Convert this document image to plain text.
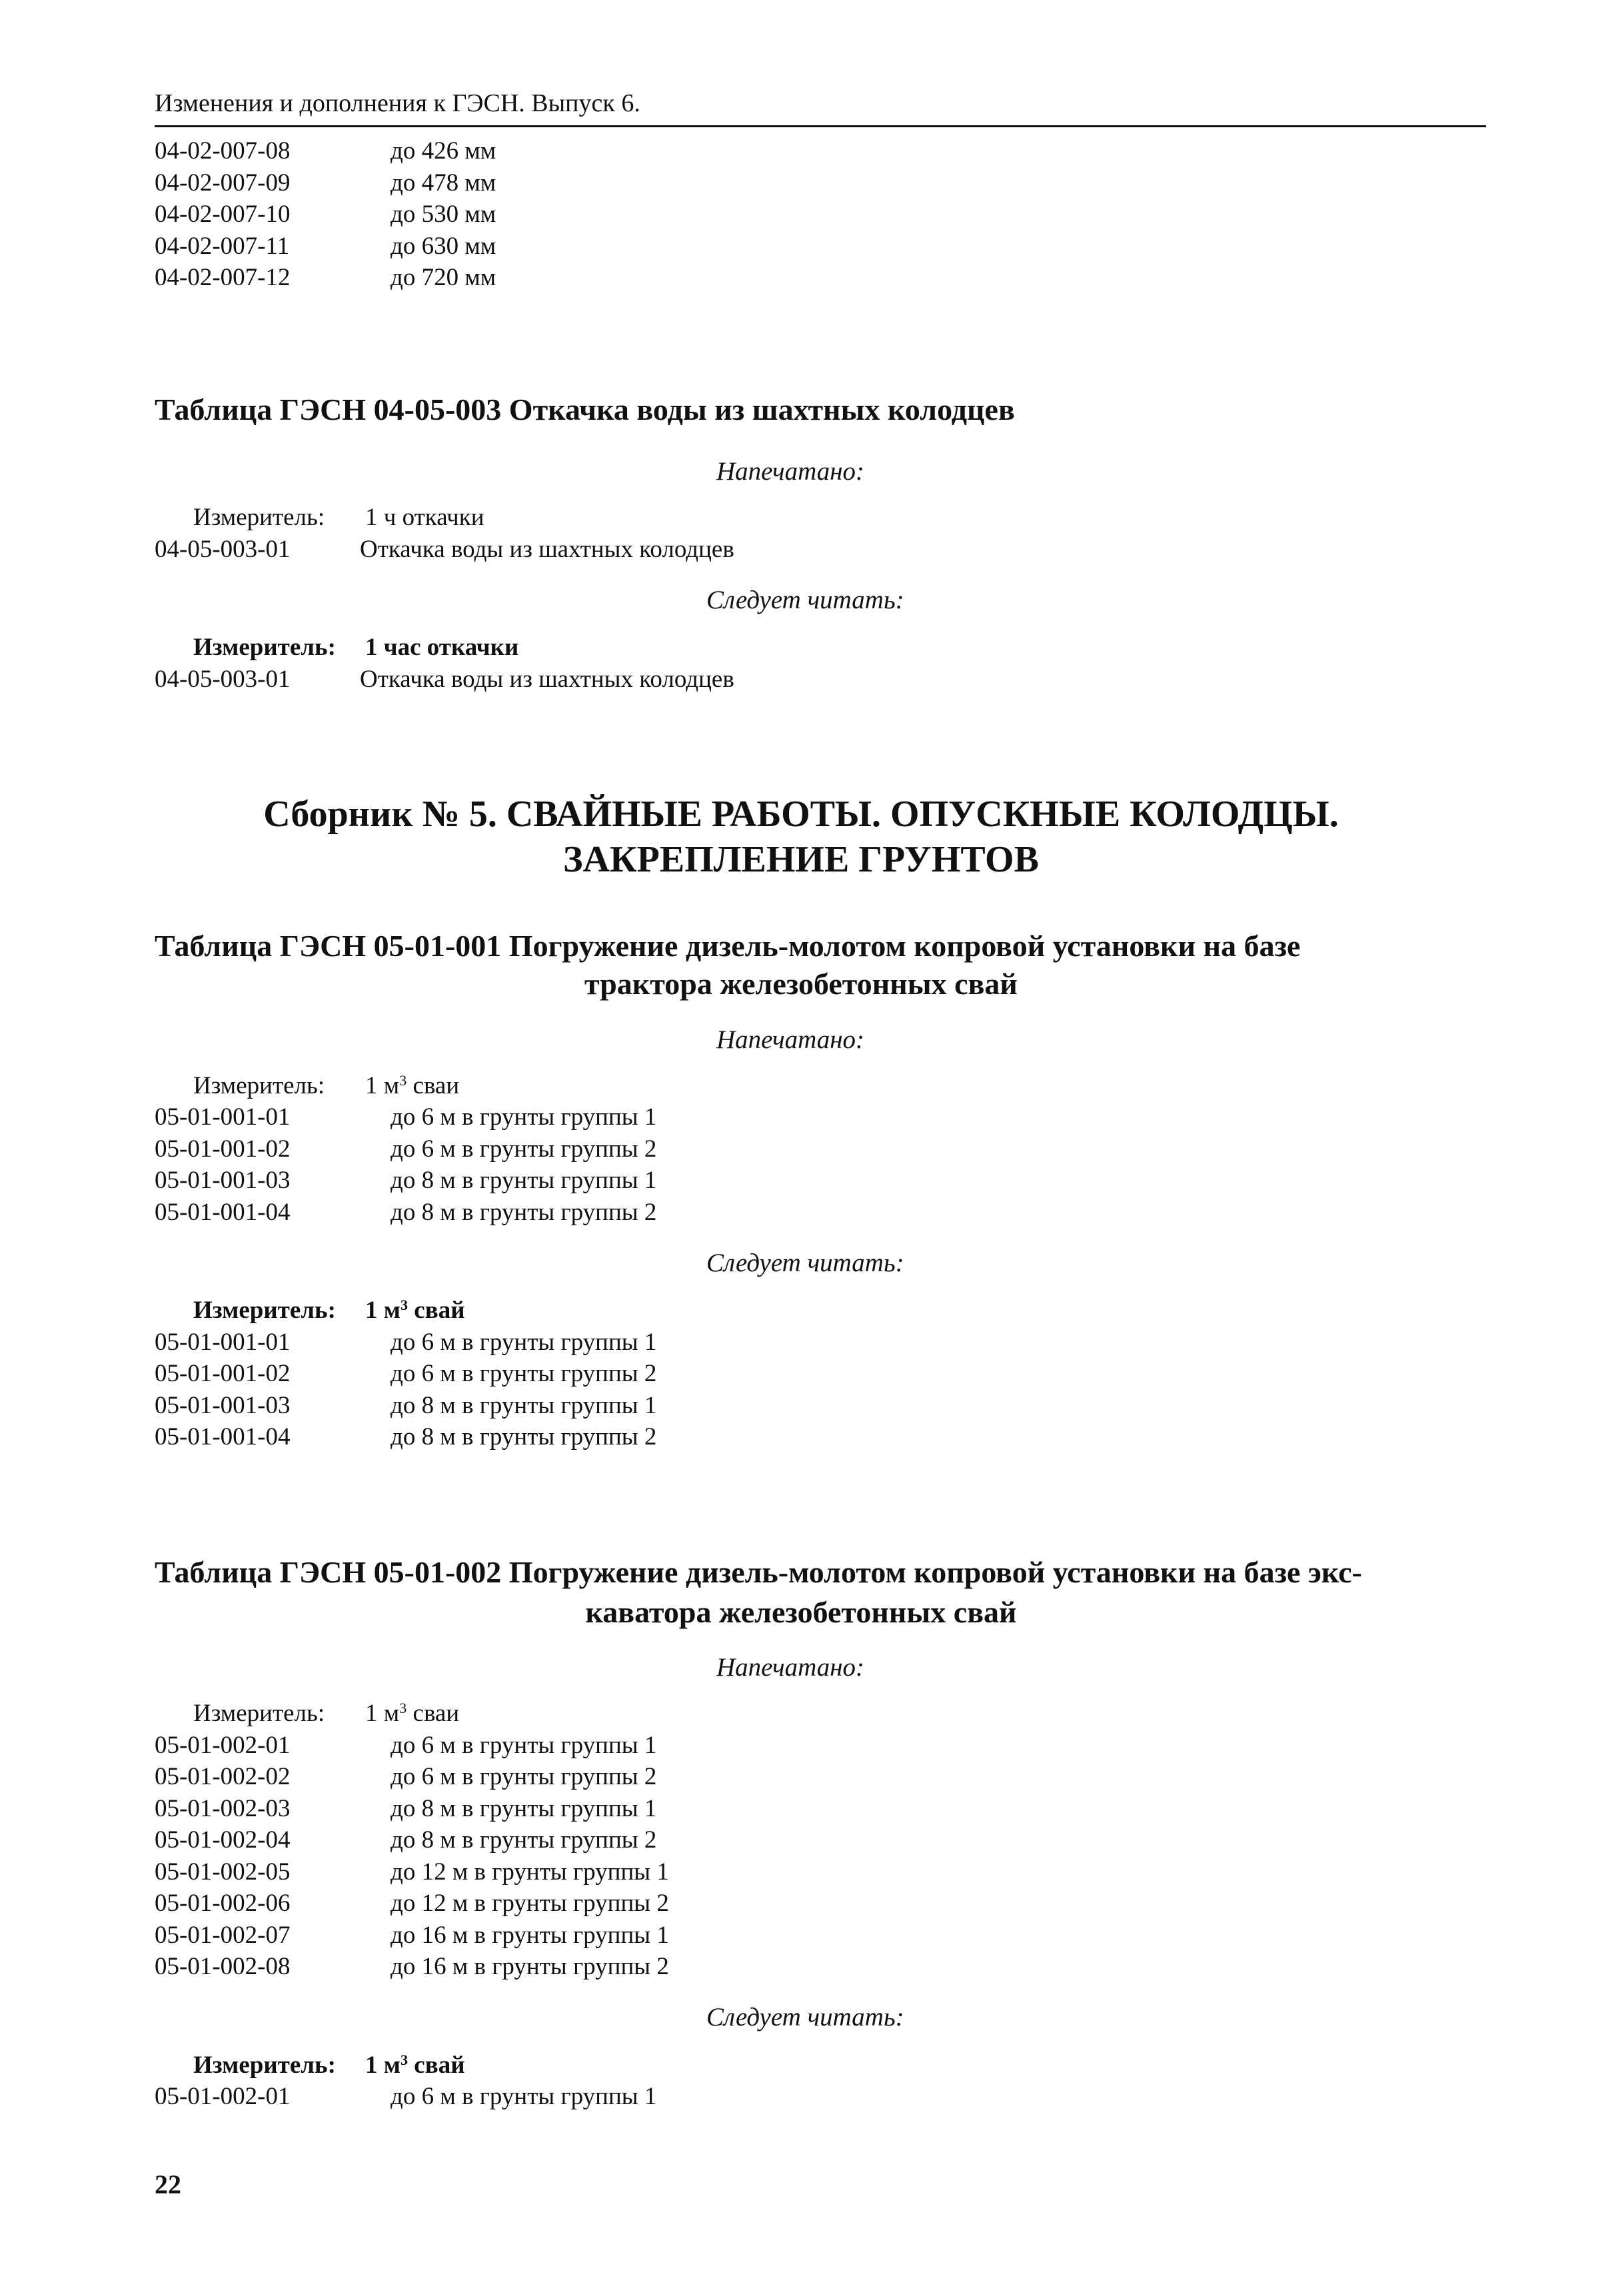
Изменения и дополнения к ГЭСН. Выпуск 6.
04-02-007-08	до 426 мм
04-02-007-09	до 478 мм
04-02-007-10	до 530 мм
04-02-007-11	до 630 мм
04-02-007-12	до 720 мм
Таблица ГЭСН 04-05-003 Откачка воды из шахтных колодцев
Напечатано:
Измеритель: 1 ч откачки
04-05-003-01	Откачка воды из шахтных колодцев
Следует читать:
Измеритель: 1 час откачки
04-05-003-01	Откачка воды из шахтных колодцев
Сборник № 5. СВАЙНЫЕ РАБОТЫ. ОПУСКНЫЕ КОЛОДЦЫ.
ЗАКРЕПЛЕНИЕ ГРУНТОВ
Таблица ГЭСН 05-01-001 Погружение дизель-молотом копровой установки на базе
трактора железобетонных свай
Напечатано:
Измеритель: 1 $м^3$ сваи
05-01-001-01	до 6 м в грунты группы 1
05-01-001-02	до 6 м в грунты группы 2
05-01-001-03	до 8 м в грунты группы 1
05-01-001-04	до 8 м в грунты группы 2
Следует читать:
Измеритель: 1 $м^3$ свай
05-01-001-01	до 6 м в грунты группы 1
05-01-001-02	до 6 м в грунты группы 2
05-01-001-03	до 8 м в грунты группы 1
05-01-001-04	до 8 м в грунты группы 2
Таблица ГЭСН 05-01-002 Погружение дизель-молотом копровой установки на базе экс-
каватора железобетонных свай
Напечатано:
Измеритель: 1 $м^3$ сваи
05-01-002-01	до 6 м в грунты группы 1
05-01-002-02	до 6 м в грунты группы 2
05-01-002-03	до 8 м в грунты группы 1
05-01-002-04	до 8 м в грунты группы 2
05-01-002-05	до 12 м в грунты группы 1
05-01-002-06	до 12 м в грунты группы 2
05-01-002-07	до 16 м в грунты группы 1
05-01-002-08	до 16 м в грунты группы 2
Следует читать:
Измеритель: 1 $м^3$ свай
05-01-002-01	до 6 м в грунты группы 1
22
